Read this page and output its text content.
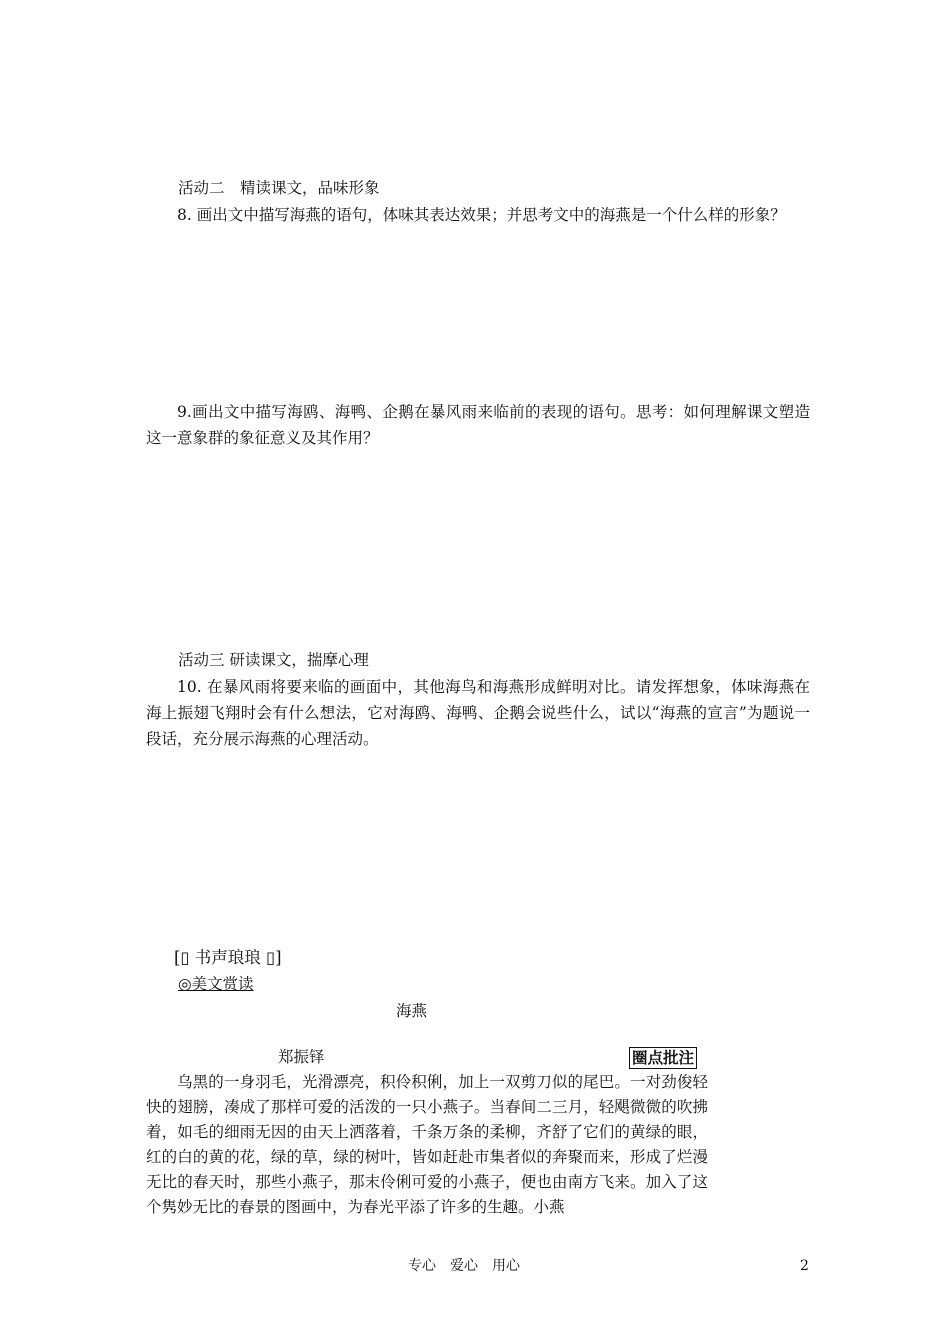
活动二　精读课文，品味形象
8. 画出文中描写海燕的语句，体味其表达效果；并思考文中的海燕是一个什么样的形象？
9.画出文中描写海鸥、海鸭、企鹅在暴风雨来临前的表现的语句。思考：如何理解课文塑造这一意象群的象征意义及其作用？
活动三 研读课文，揣摩心理
10. 在暴风雨将要来临的画面中，其他海鸟和海燕形成鲜明对比。请发挥想象，体味海燕在海上振翅飞翔时会有什么想法，它对海鸥、海鸭、企鹅会说些什么，试以“海燕的宣言”为题说一段话，充分展示海燕的心理活动。
[▯ 书声琅琅 ▯]
◎美文赏读
海燕
郑振铎	圈点批注
乌黑的一身羽毛，光滑漂亮，积伶积俐，加上一双剪刀似的尾巴。一对劲俊轻快的翅膀，凑成了那样可爱的活泼的一只小燕子。当春间二三月，轻飓微微的吹拂着，如毛的细雨无因的由天上洒落着，千条万条的柔柳，齐舒了它们的黄绿的眼，红的白的黄的花，绿的草，绿的树叶，皆如赶赴市集者似的奔聚而来，形成了烂漫无比的春天时，那些小燕子，那末伶俐可爱的小燕子，便也由南方飞来。加入了这个隽妙无比的春景的图画中，为春光平添了许多的生趣。小燕
专心　爱心　用心	2
